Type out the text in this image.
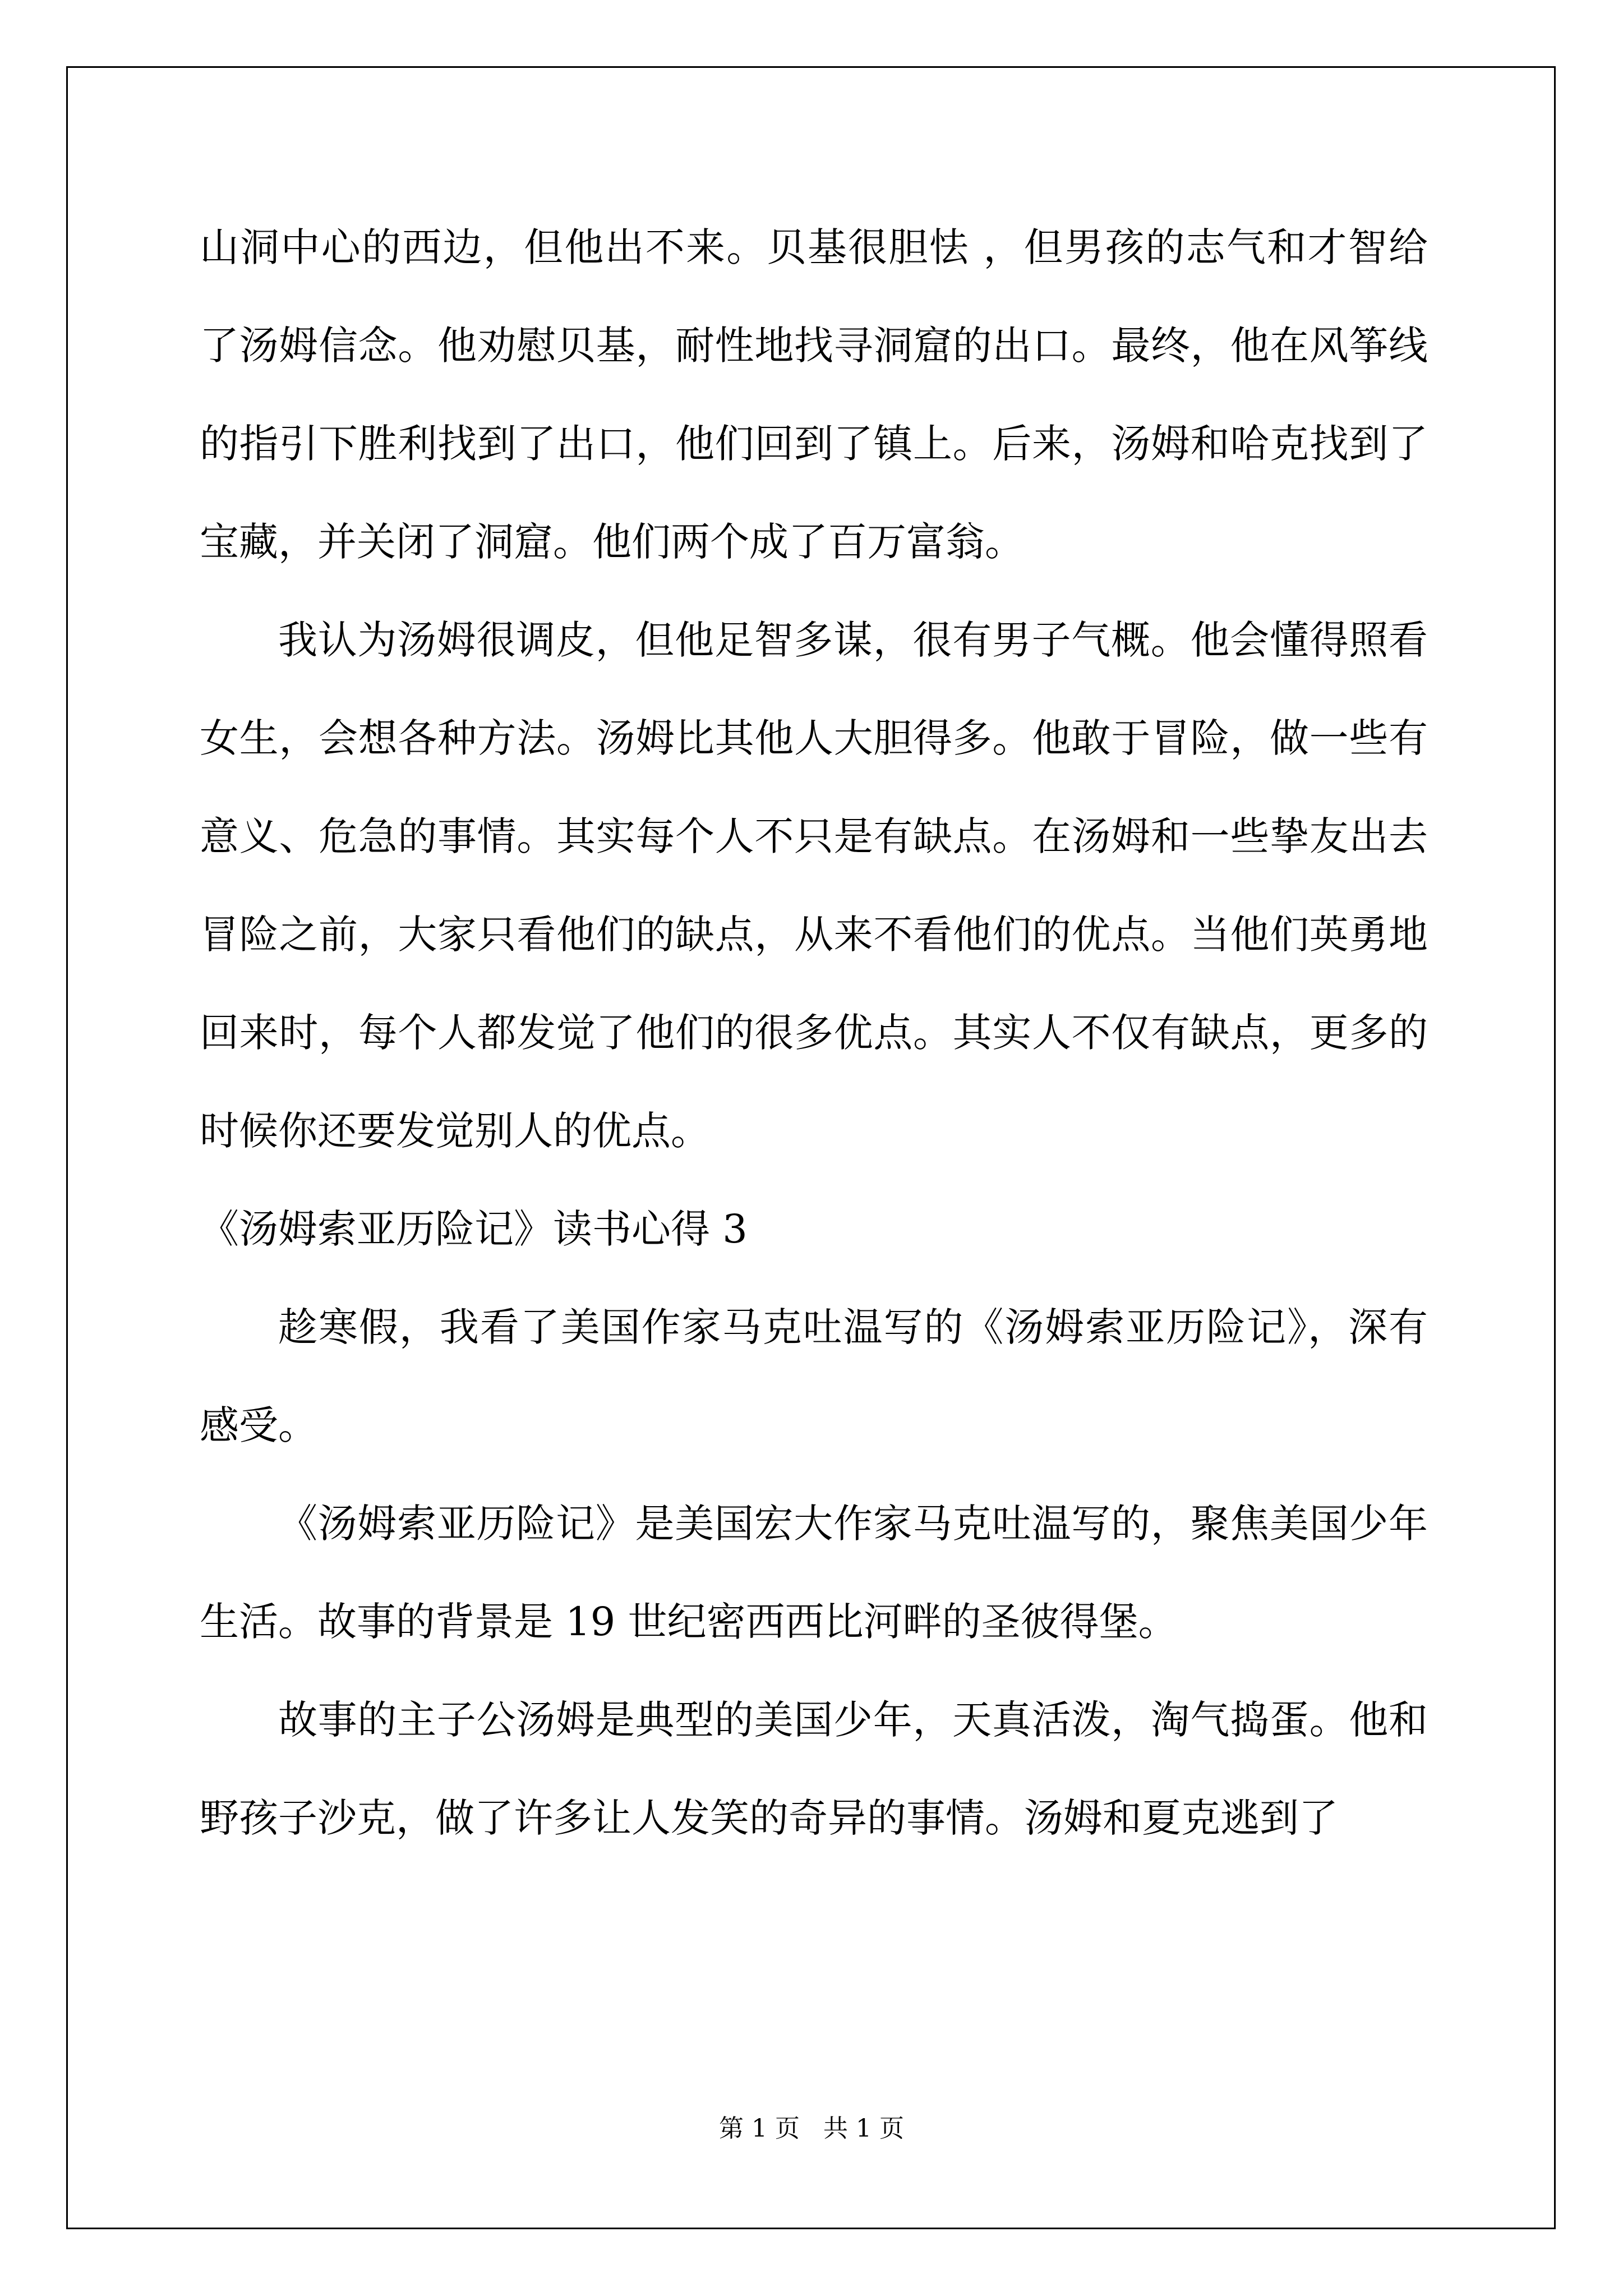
山洞中心的西边，但他出不来。贝基很胆怯 ，但男孩的志气和才智给了汤姆信念。他劝慰贝基，耐性地找寻洞窟的出口。最终，他在风筝线的指引下胜利找到了出口，他们回到了镇上。后来，汤姆和哈克找到了宝藏，并关闭了洞窟。他们两个成了百万富翁。

我认为汤姆很调皮，但他足智多谋，很有男子气概。他会懂得照看女生，会想各种方法。汤姆比其他人大胆得多。他敢于冒险，做一些有意义、危急的事情。其实每个人不只是有缺点。在汤姆和一些挚友出去冒险之前，大家只看他们的缺点，从来不看他们的优点。当他们英勇地回来时，每个人都发觉了他们的很多优点。其实人不仅有缺点，更多的时候你还要发觉别人的优点。

《汤姆索亚历险记》读书心得 3

趁寒假，我看了美国作家马克吐温写的《汤姆索亚历险记》，深有感受。

《汤姆索亚历险记》是美国宏大作家马克吐温写的，聚焦美国少年生活。故事的背景是 19 世纪密西西比河畔的圣彼得堡。

故事的主子公汤姆是典型的美国少年，天真活泼，淘气捣蛋。他和野孩子沙克，做了许多让人发笑的奇异的事情。汤姆和夏克逃到了

第 1 页   共 1 页
